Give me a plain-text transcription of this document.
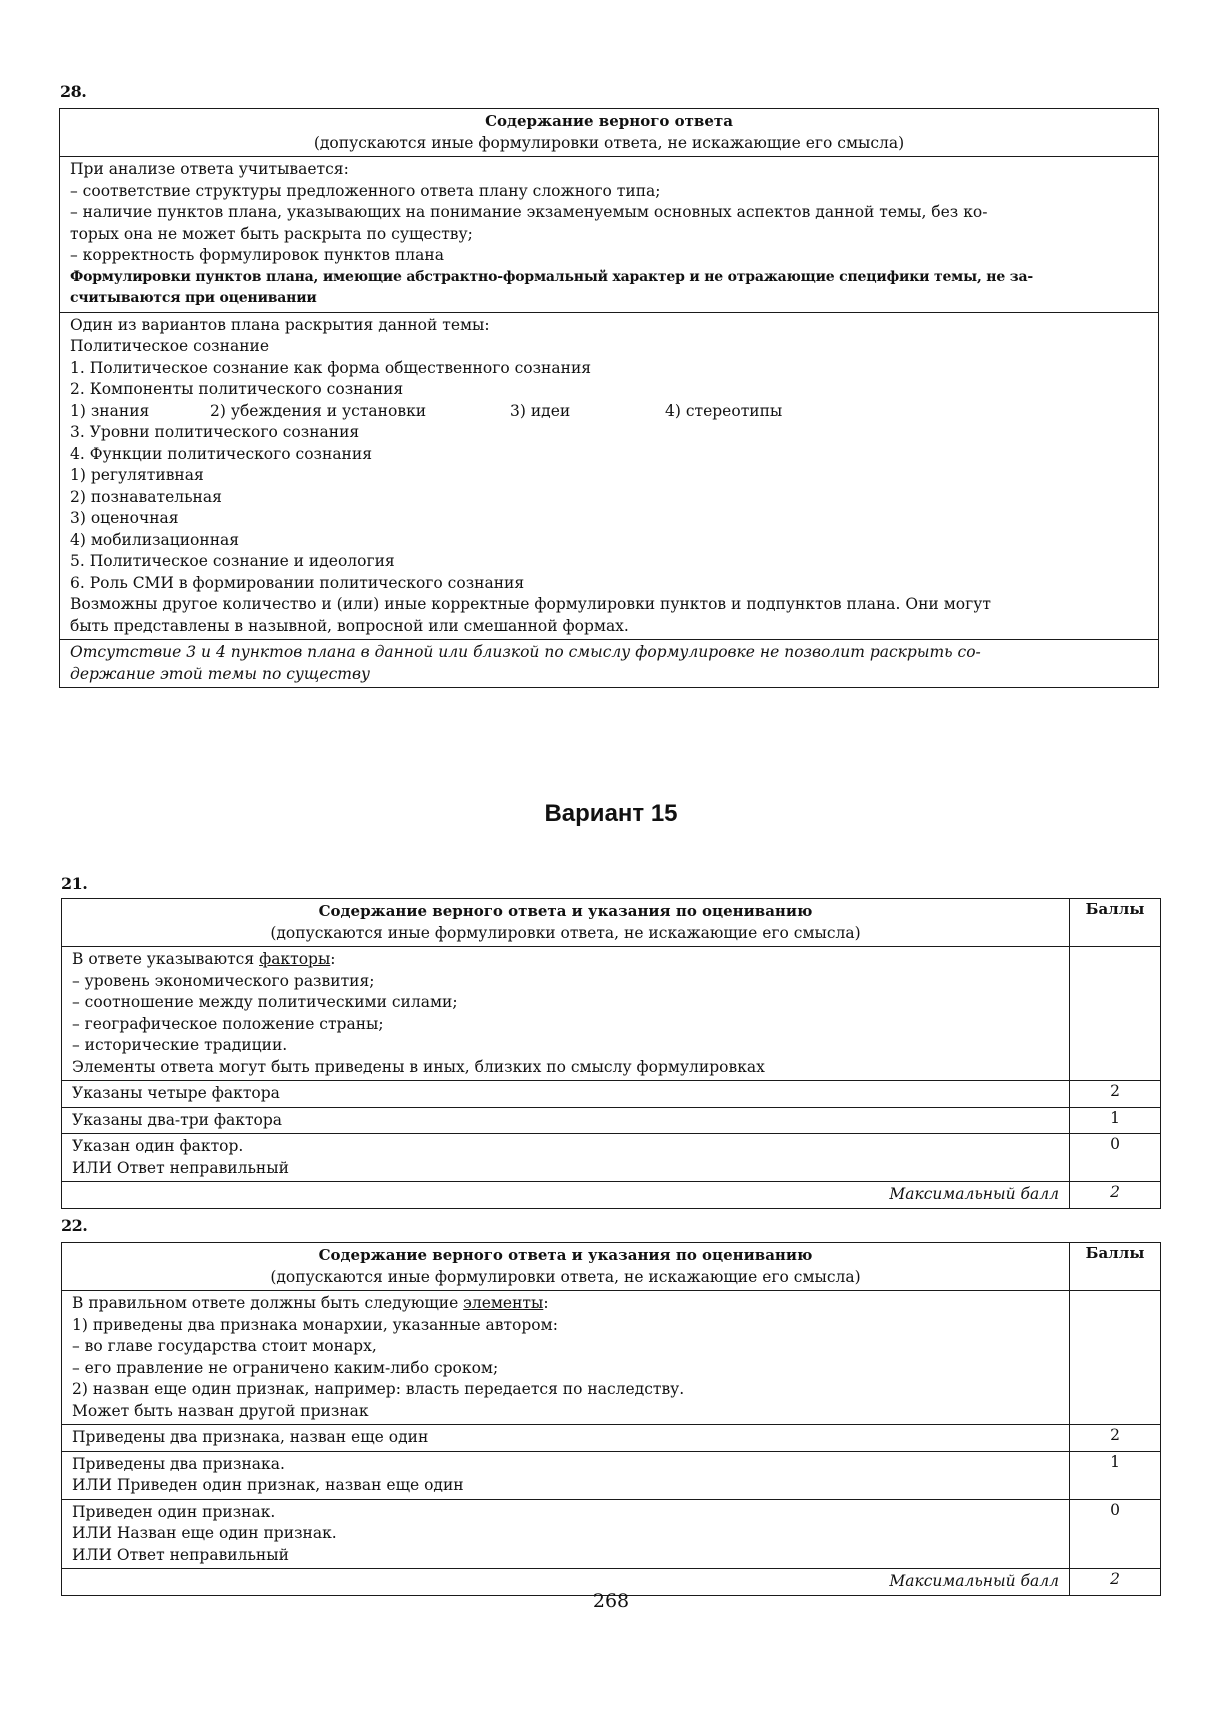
28.
Содержание верного ответа
(допускаются иные формулировки ответа, не искажающие его смысла)

При анализе ответа учитывается:
– соответствие структуры предложенного ответа плану сложного типа;
– наличие пунктов плана, указывающих на понимание экзаменуемым основных аспектов данной темы, без ко-
торых она не может быть раскрыта по существу;
– корректность формулировок пунктов плана
Формулировки пунктов плана, имеющие абстрактно-формальный характер и не отражающие специфики темы, не за-
считываются при оценивании

Один из вариантов плана раскрытия данной темы:
Политическое сознание
1. Политическое сознание как форма общественного сознания
2. Компоненты политического сознания
1) знания	2) убеждения и установки	3) идеи	4) стереотипы
3. Уровни политического сознания
4. Функции политического сознания
1) регулятивная
2) познавательная
3) оценочная
4) мобилизационная
5. Политическое сознание и идеология
6. Роль СМИ в формировании политического сознания
Возможны другое количество и (или) иные корректные формулировки пунктов и подпунктов плана. Они могут
быть представлены в назывной, вопросной или смешанной формах.

Отсутствие 3 и 4 пунктов плана в данной или близкой по смыслу формулировке не позволит раскрыть со-
держание этой темы по существу
Вариант 15
21.
Содержание верного ответа и указания по оцениванию
(допускаются иные формулировки ответа, не искажающие его смысла)	Баллы

В ответе указываются факторы:
– уровень экономического развития;
– соотношение между политическими силами;
– географическое положение страны;
– исторические традиции.
Элементы ответа могут быть приведены в иных, близких по смыслу формулировках

Указаны четыре фактора	2

Указаны два-три фактора	1

Указан один фактор.
ИЛИ Ответ неправильный	0
Максимальный балл	2
22.
Содержание верного ответа и указания по оцениванию
(допускаются иные формулировки ответа, не искажающие его смысла)	Баллы

В правильном ответе должны быть следующие элементы:
1) приведены два признака монархии, указанные автором:
– во главе государства стоит монарх,
– его правление не ограничено каким-либо сроком;
2) назван еще один признак, например: власть передается по наследству.
Может быть назван другой признак

Приведены два признака, назван еще один	2

Приведены два признака.
ИЛИ Приведен один признак, назван еще один	1

Приведен один признак.
ИЛИ Назван еще один признак.
ИЛИ Ответ неправильный	0
Максимальный балл	2
268
